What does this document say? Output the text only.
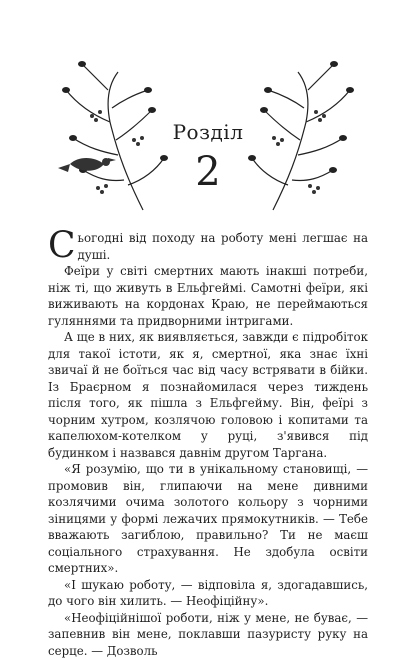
Розділ
2

Сьогодні від походу на роботу мені легшає на душі.

Феїри у світі смертних мають інакші потреби, ніж ті, що живуть в Ельфгеймі. Самотні феїри, які виживають на кордонах Краю, не переймаються гуляннями та придворними інтригами.

А ще в них, як виявляється, завжди є підробіток для такої істоти, як я, смертної, яка знає їхні звичаї й не боїться час від часу встрявати в бійки. Із Браєрном я познайомилася через тиждень після того, як пішла з Ельфгейму. Він, феїрі з чорним хутром, козлячою головою і копитами та капелюхом-котелком у руці, з'явився під будинком і назвався давнім другом Таргана.

«Я розумію, що ти в унікальному становищі, — промовив він, глипаючи на мене дивними козлячими очима золотого кольору з чорними зіницями у формі лежачих прямокутників. — Тебе вважають загиблою, правильно? Ти не маєш соціального страхування. Не здобула освіти смертних».

«І шукаю роботу, — відповіла я, здогадавшись, до чого він хилить. — Неофіційну».

«Неофіційнішої роботи, ніж у мене, не буває, — запевнив він мене, поклавши пазуристу руку на серце. — Дозволь
